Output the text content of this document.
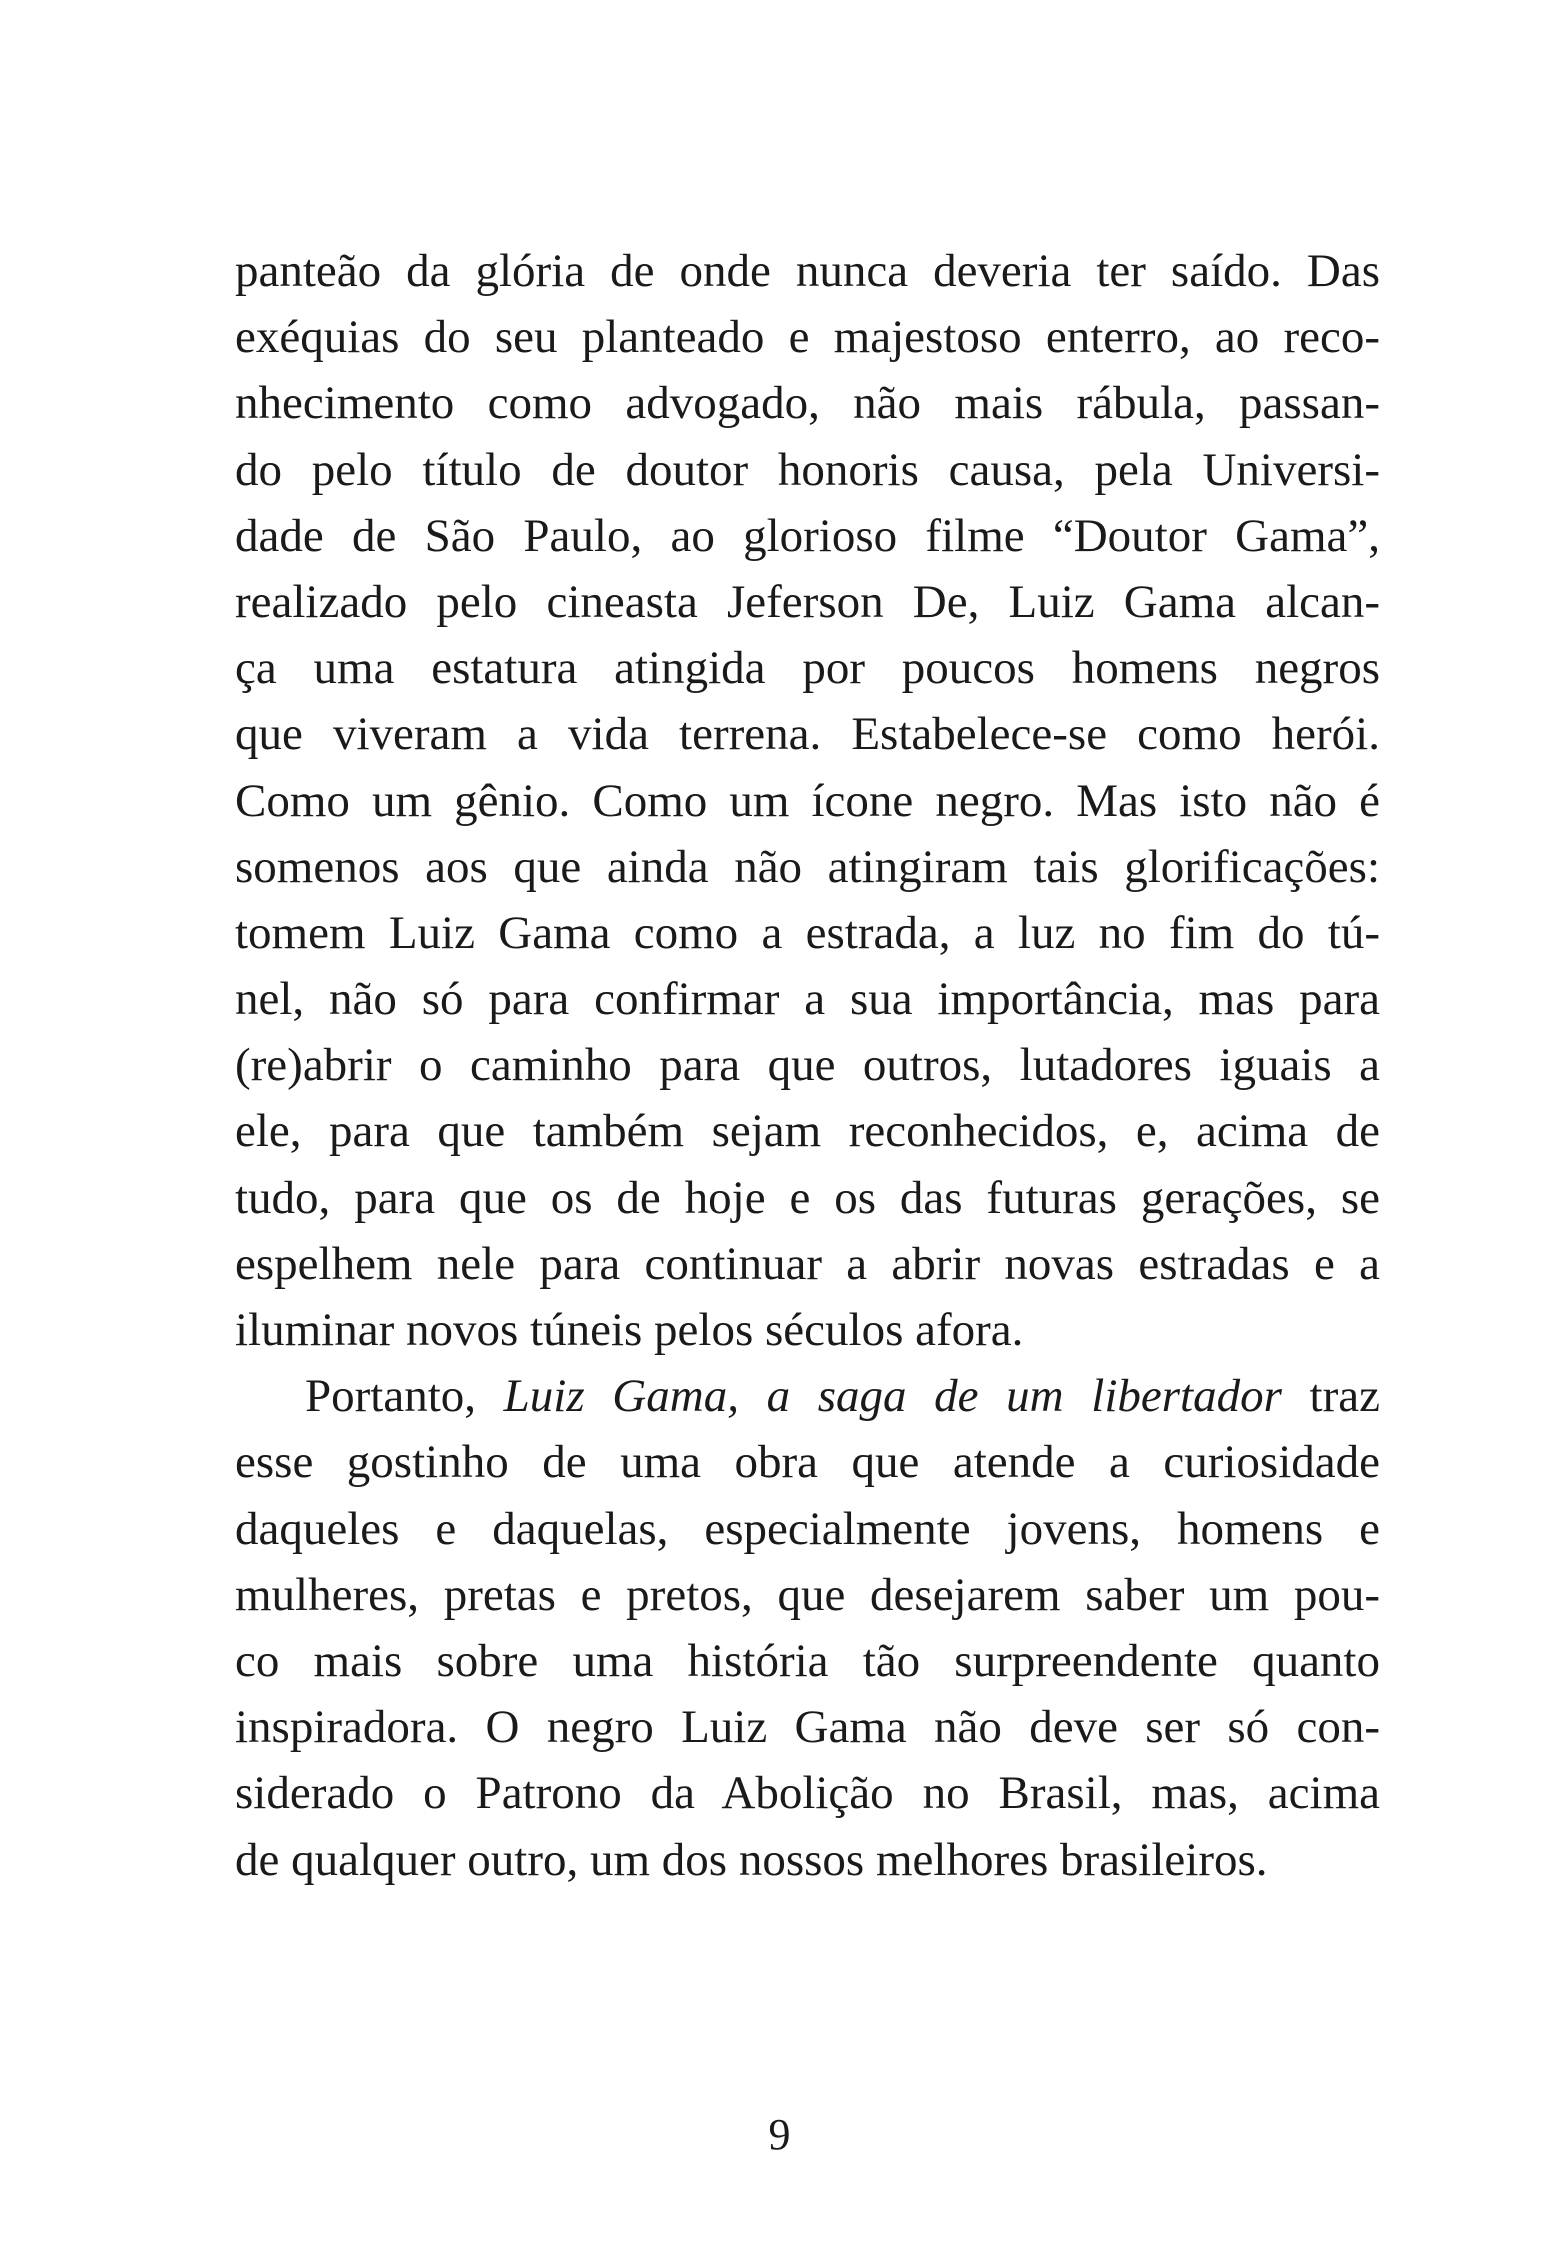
panteão da glória de onde nunca deveria ter saído. Das
exéquias do seu planteado e majestoso enterro, ao reco-
nhecimento como advogado, não mais rábula, passan-
do pelo título de doutor honoris causa, pela Universi-
dade de São Paulo, ao glorioso filme “Doutor Gama”,
realizado pelo cineasta Jeferson De, Luiz Gama alcan-
ça uma estatura atingida por poucos homens negros
que viveram a vida terrena. Estabelece-se como herói.
Como um gênio. Como um ícone negro. Mas isto não é
somenos aos que ainda não atingiram tais glorificações:
tomem Luiz Gama como a estrada, a luz no fim do tú-
nel, não só para confirmar a sua importância, mas para
(re)abrir o caminho para que outros, lutadores iguais a
ele, para que também sejam reconhecidos, e, acima de
tudo, para que os de hoje e os das futuras gerações, se
espelhem nele para continuar a abrir novas estradas e a
iluminar novos túneis pelos séculos afora.
Portanto, Luiz Gama, a saga de um libertador traz
esse gostinho de uma obra que atende a curiosidade
daqueles e daquelas, especialmente jovens, homens e
mulheres, pretas e pretos, que desejarem saber um pou-
co mais sobre uma história tão surpreendente quanto
inspiradora. O negro Luiz Gama não deve ser só con-
siderado o Patrono da Abolição no Brasil, mas, acima
de qualquer outro, um dos nossos melhores brasileiros.
9
